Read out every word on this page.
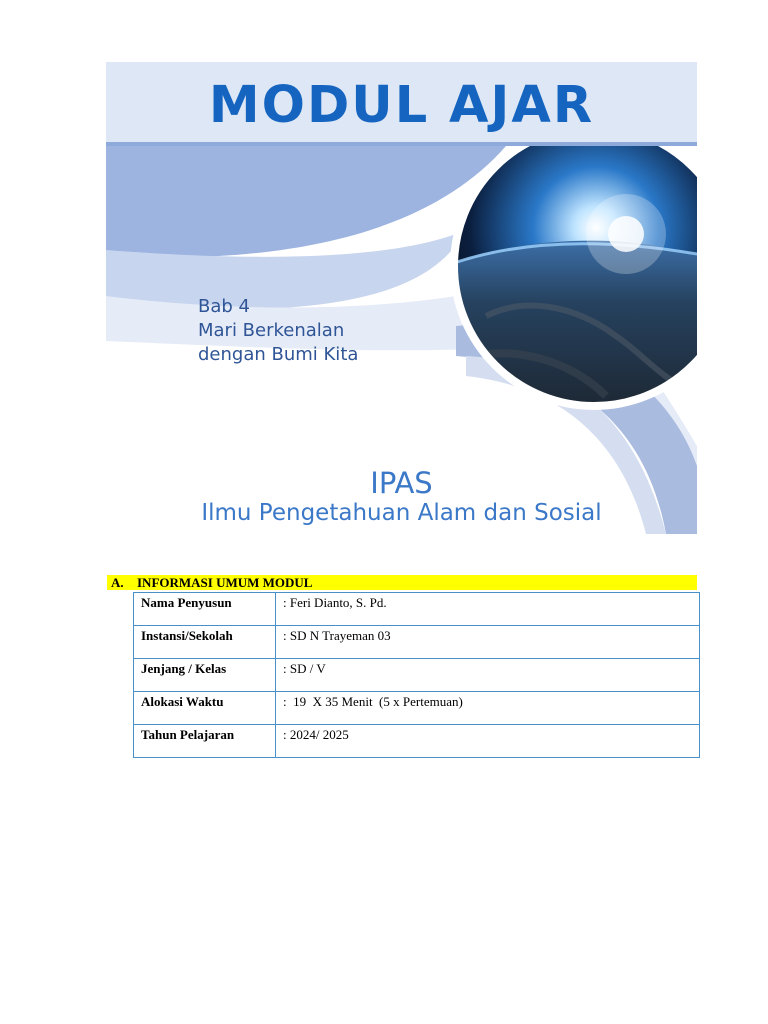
MODUL AJAR
Bab 4
Mari Berkenalan
dengan Bumi Kita
IPAS
Ilmu Pengetahuan Alam dan Sosial
A. INFORMASI UMUM MODUL
Nama Penyusun	: Feri Dianto, S. Pd.
Instansi/Sekolah	: SD N Trayeman 03
Jenjang / Kelas	: SD / V
Alokasi Waktu	:  19  X 35 Menit  (5 x Pertemuan)
Tahun Pelajaran	: 2024/ 2025
